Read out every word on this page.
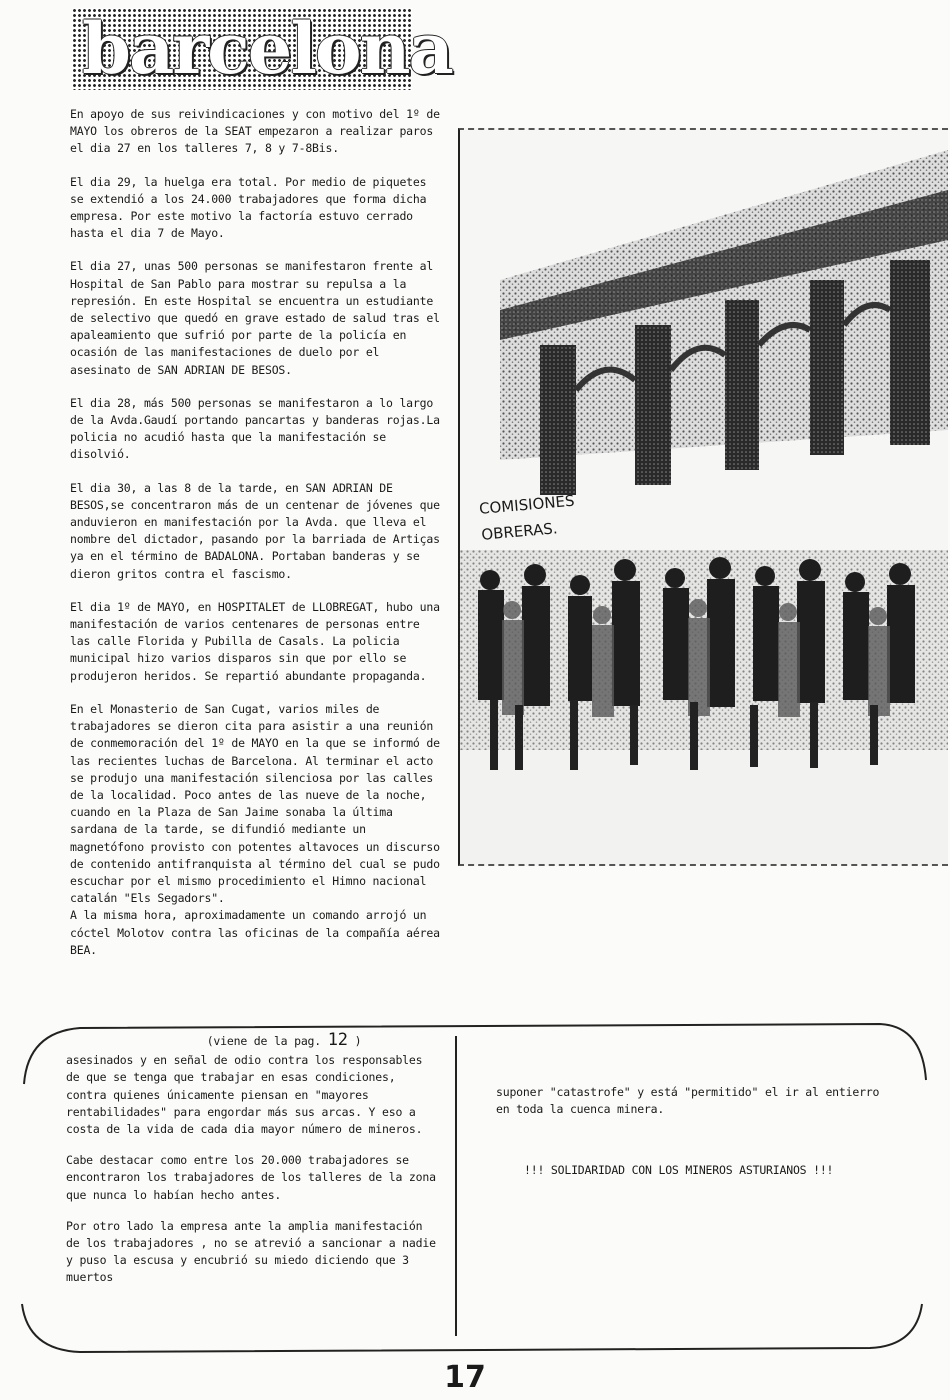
barcelona

En apoyo de sus reivindicaciones y con motivo del 1º de MAYO los obreros de la SEAT empezaron a realizar paros el dia 27 en los talleres 7, 8 y 7-8Bis.

El dia 29, la huelga era total. Por medio de piquetes se extendió a los 24.000 trabajadores que forma dicha empresa. Por este motivo la factoría estuvo cerrado hasta el dia 7 de Mayo.

El dia 27, unas 500 personas se manifestaron frente al Hospital de San Pablo para mostrar su repulsa a la represión. En este Hospital se encuentra un estudiante de selectivo que quedó en grave estado de salud tras el apaleamiento que sufrió por parte de la policía en ocasión de las manifestaciones de duelo por el asesinato de SAN ADRIAN DE BESOS.

El dia 28, más 500 personas se manifestaron a lo largo de la Avda.Gaudí portando pancartas y banderas rojas.La policia no acudió hasta que la manifestación se disolvió.

El dia 30, a las 8 de la tarde, en SAN ADRIAN DE BESOS,se concentraron más de un centenar de jóvenes que anduvieron en manifestación por la Avda. que lleva el nombre del dictador, pasando por la barriada de Artiças ya en el término de BADALONA. Portaban banderas y se dieron gritos contra el fascismo.

El dia 1º de MAYO, en HOSPITALET de LLOBREGAT, hubo una manifestación de varios centenares de personas entre las calle Florida y Pubilla de Casals. La policia municipal hizo varios disparos sin que por ello se produjeron heridos. Se repartió abundante propaganda.

En el Monasterio de San Cugat, varios miles de trabajadores se dieron cita para asistir a una reunión de conmemoración del 1º de MAYO en la que se informó de las recientes luchas de Barcelona. Al terminar el acto se produjo una manifestación silenciosa por las calles de la localidad. Poco antes de las nueve de la noche, cuando en la Plaza de San Jaime sonaba la última sardana de la tarde, se difundió mediante un magnetófono provisto con potentes altavoces un discurso de contenido antifranquista al término del cual se pudo escuchar por el mismo procedimiento el Himno nacional catalán "Els Segadors".

A la misma hora, aproximadamente un comando arrojó un cóctel Molotov contra las oficinas de la compañía aérea BEA.

COMISIONES
OBRERAS.
(viene de la pag. 12 )

asesinados y en señal de odio contra los responsables de que se tenga que trabajar en esas condiciones, contra quienes únicamente piensan en "mayores rentabilidades" para engordar más sus arcas. Y eso a costa de la vida de cada dia mayor número de mineros.

Cabe destacar como entre los 20.000 trabajadores se encontraron los trabajadores de los talleres de la zona que nunca lo habían hecho antes.

Por otro lado la empresa ante la amplia manifestación de los trabajadores , no se atrevió a sancionar a nadie y puso la escusa y encubrió su miedo diciendo que 3 muertos

suponer "catastrofe" y está "permitido" el ir al entierro en toda la cuenca minera.

!!! SOLIDARIDAD CON LOS MINEROS ASTURIANOS !!!

17
